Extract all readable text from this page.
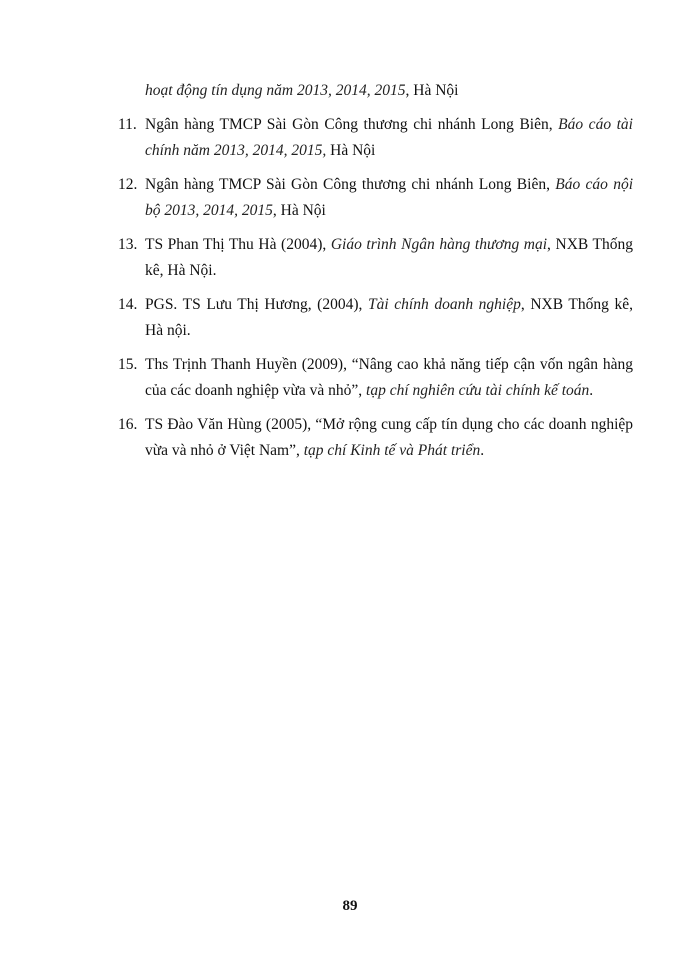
hoạt động tín dụng năm 2013, 2014, 2015, Hà Nội
11. Ngân hàng TMCP Sài Gòn Công thương chi nhánh Long Biên, Báo cáo tài chính năm 2013, 2014, 2015, Hà Nội
12. Ngân hàng TMCP Sài Gòn Công thương chi nhánh Long Biên, Báo cáo nội bộ 2013, 2014, 2015, Hà Nội
13. TS Phan Thị Thu Hà (2004), Giáo trình Ngân hàng thương mại, NXB Thống kê, Hà Nội.
14. PGS. TS Lưu Thị Hương, (2004), Tài chính doanh nghiệp, NXB Thống kê, Hà nội.
15. Ths Trịnh Thanh Huyền (2009), “Nâng cao khả năng tiếp cận vốn ngân hàng của các doanh nghiệp vừa và nhỏ”, tạp chí nghiên cứu tài chính kế toán.
16. TS Đào Văn Hùng (2005), “Mở rộng cung cấp tín dụng cho các doanh nghiệp vừa và nhỏ ở Việt Nam”, tạp chí Kinh tế và Phát triển.
89
